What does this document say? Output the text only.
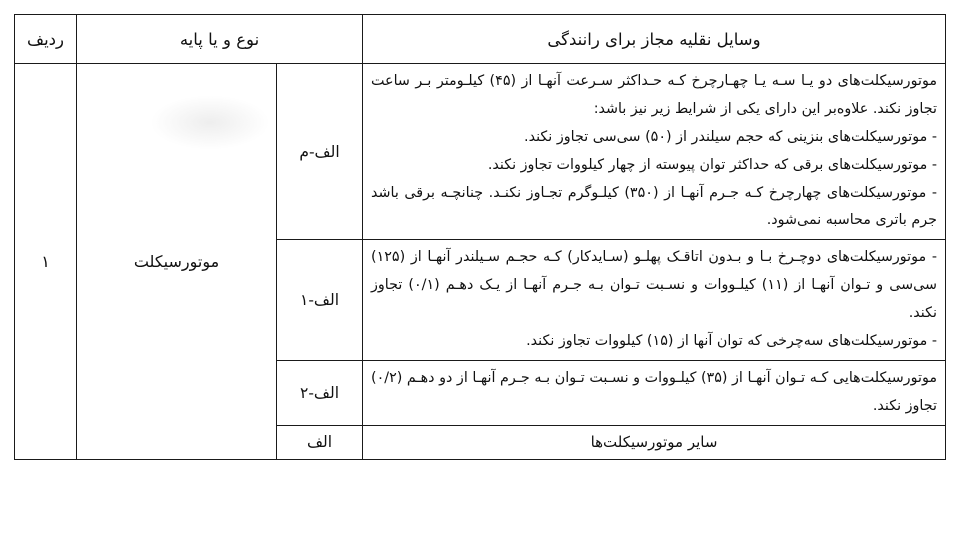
وسایل نقلیه مجاز برای رانندگی	نوع و یا پایه		ردیف

موتورسیکلت‌های دو یـا سـه یـا چهـارچرخ کـه حـداکثر سـرعت آنهـا از (۴۵) کیلـومتر بـر ساعت تجاوز نکند. علاوه‌بر این دارای یکی از شرایط زیر نیز باشد:

- موتورسیکلت‌های بنزینی که حجم سیلندر از (۵۰) سی‌سی تجاوز نکند.

- موتورسیکلت‌های برقی که حداکثر توان پیوسته از چهار کیلووات تجاوز نکند.

- موتورسیکلت‌های چهارچرخ کـه جـرم آنهـا از (۳۵۰) کیلـوگرم تجـاوز نکنـد. چنانچـه برقی باشد جرم باتری محاسبه نمی‌شود.	الف-م	موتورسیکلت	۱

- موتورسیکلت‌های دوچـرخ بـا و بـدون اتاقـک پهلـو (سـایدکار) کـه حجـم سـیلندر آنهـا از (۱۲۵) سی‌سی و تـوان آنهـا از (۱۱) کیلـووات و نسـبت تـوان بـه جـرم آنهـا از یـک دهـم (۰/۱) تجاوز نکند.

- موتورسیکلت‌های سه‌چرخی که توان آنها از (۱۵) کیلووات تجاوز نکند.	الف-۱		

موتورسیکلت‌هایی کـه تـوان آنهـا از (۳۵) کیلـووات و نسـبت تـوان بـه جـرم آنهـا از دو دهـم (۰/۲) تجاوز نکند.	الف-۲		
سایر موتورسیکلت‌ها	الف		
